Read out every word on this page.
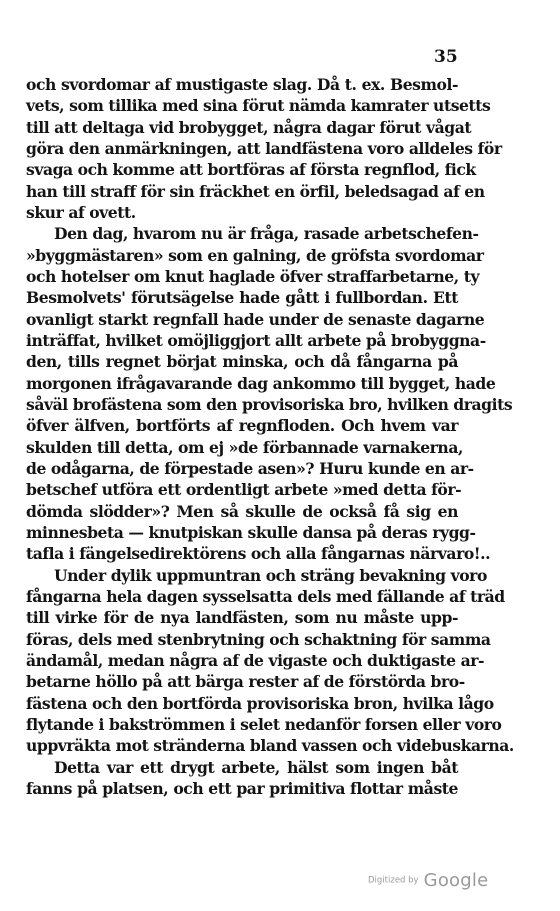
35
och svordomar af mustigaste slag. Då t. ex. Besmol-
vets, som tillika med sina förut nämda kamrater utsetts
till att deltaga vid brobygget, några dagar förut vågat
göra den anmärkningen, att landfästena voro alldeles för
svaga och komme att bortföras af första regnflod, fick
han till straff för sin fräckhet en örfil, beledsagad af en
skur af ovett.
Den dag, hvarom nu är fråga, rasade arbetschefen-
»byggmästaren» som en galning, de gröfsta svordomar
och hotelser om knut haglade öfver straffarbetarne, ty
Besmolvets' förutsägelse hade gått i fullbordan. Ett
ovanligt starkt regnfall hade under de senaste dagarne
inträffat, hvilket omöjliggjort allt arbete på brobyggna-
den, tills regnet börjat minska, och då fångarna på
morgonen ifrågavarande dag ankommo till bygget, hade
såväl brofästena som den provisoriska bro, hvilken dragits
öfver älfven, bortförts af regnfloden. Och hvem var
skulden till detta, om ej »de förbannade varnakerna,
de odågarna, de förpestade asen»? Huru kunde en ar-
betschef utföra ett ordentligt arbete »med detta för-
dömda slödder»? Men så skulle de också få sig en
minnesbeta — knutpiskan skulle dansa på deras rygg-
tafla i fängelsedirektörens och alla fångarnas närvaro!..
Under dylik uppmuntran och sträng bevakning voro
fångarna hela dagen sysselsatta dels med fällande af träd
till virke för de nya landfästen, som nu måste upp-
föras, dels med stenbrytning och schaktning för samma
ändamål, medan några af de vigaste och duktigaste ar-
betarne höllo på att bärga rester af de förstörda bro-
fästena och den bortförda provisoriska bron, hvilka lågo
flytande i bakströmmen i selet nedanför forsen eller voro
uppvräkta mot stränderna bland vassen och videbuskarna.
Detta var ett drygt arbete, hälst som ingen båt
fanns på platsen, och ett par primitiva flottar måste
Digitized by Google
